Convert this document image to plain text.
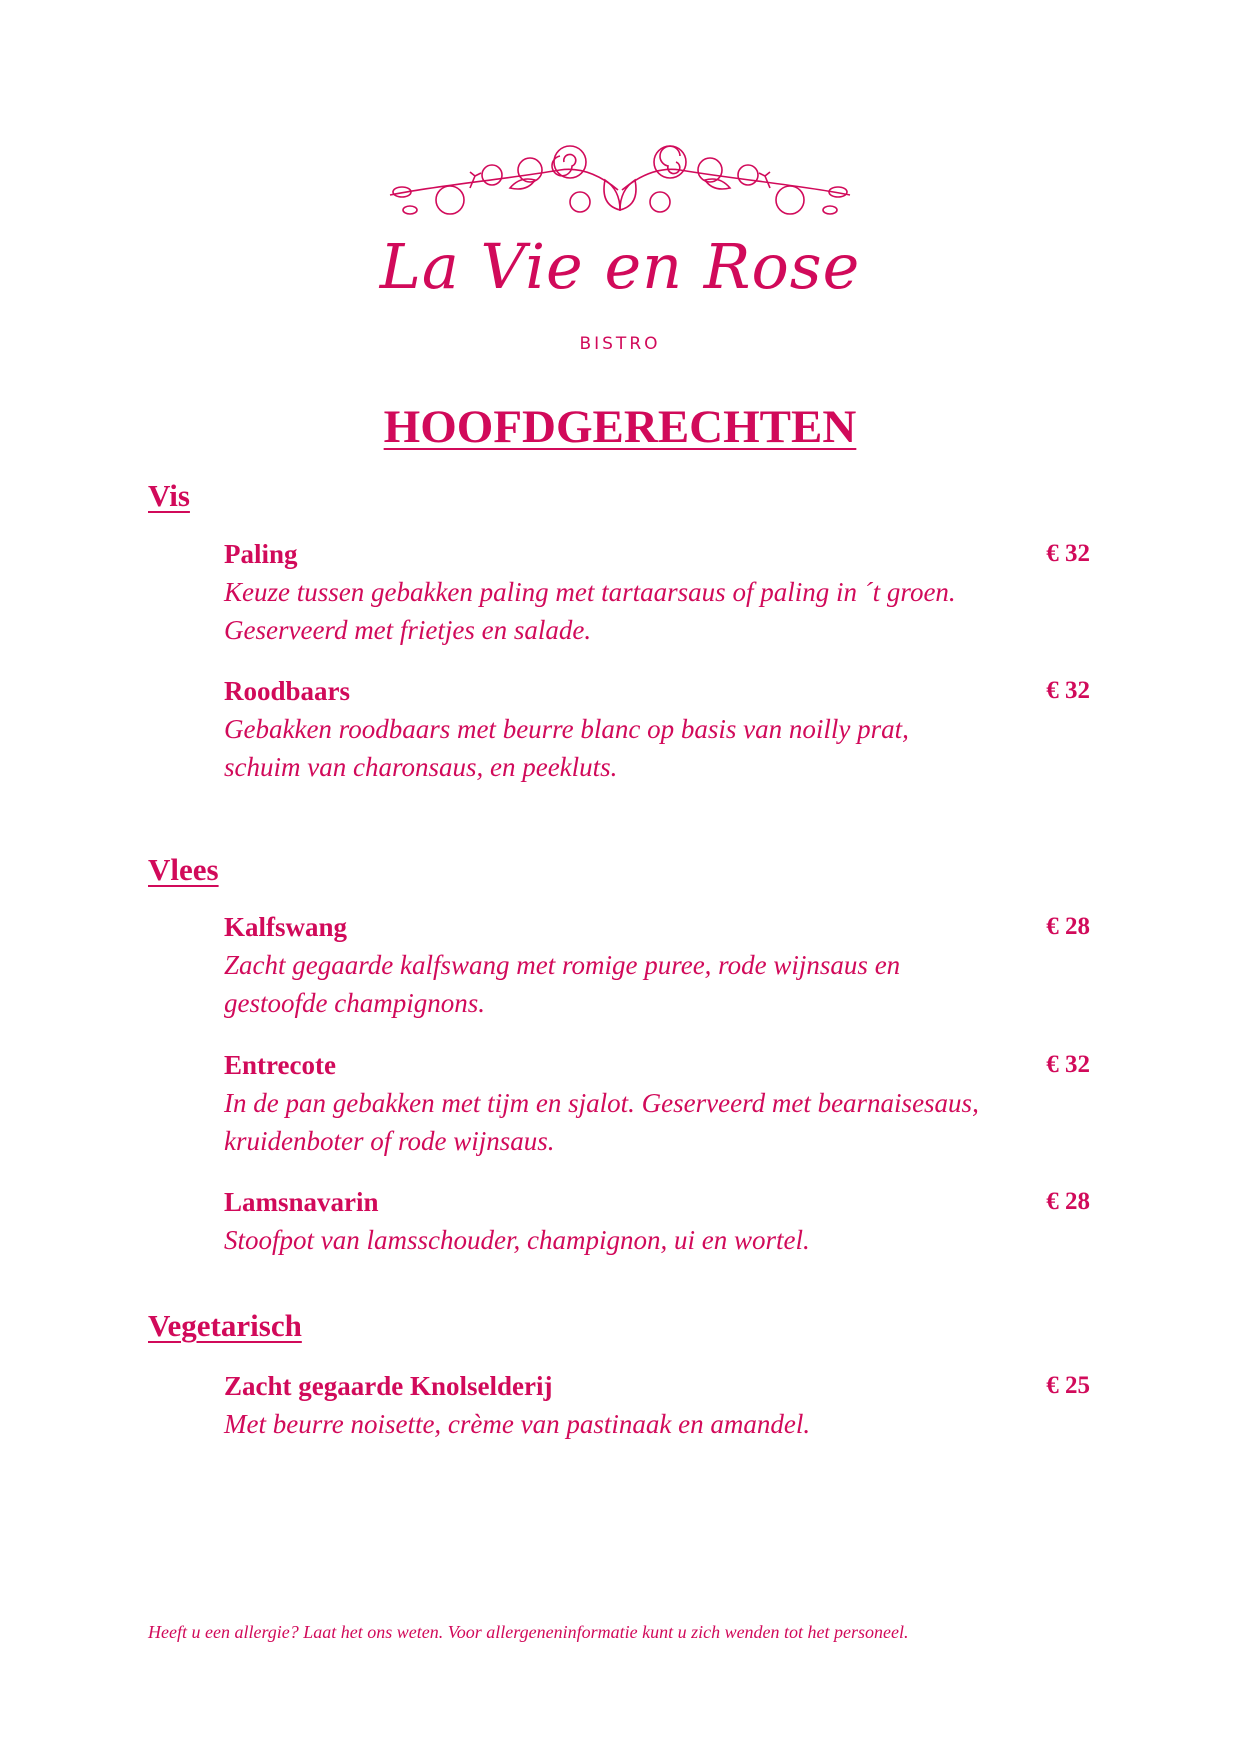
La Vie en Rose
BISTRO
HOOFDGERECHTEN
Vis
Paling	€ 32
Keuze tussen gebakken paling met tartaarsaus of paling in ´t groen. Geserveerd met frietjes en salade.
Roodbaars	€ 32
Gebakken roodbaars met beurre blanc op basis van noilly prat, schuim van charonsaus, en peekluts.
Vlees
Kalfswang	€ 28
Zacht gegaarde kalfswang met romige puree, rode wijnsaus en gestoofde champignons.
Entrecote	€ 32
In de pan gebakken met tijm en sjalot. Geserveerd met bearnaisesaus, kruidenboter of rode wijnsaus.
Lamsnavarin	€ 28
Stoofpot van lamsschouder, champignon, ui en wortel.
Vegetarisch
Zacht gegaarde Knolselderij	€ 25
Met beurre noisette, crème van pastinaak en amandel.
Heeft u een allergie? Laat het ons weten. Voor allergeneninformatie kunt u zich wenden tot het personeel.
